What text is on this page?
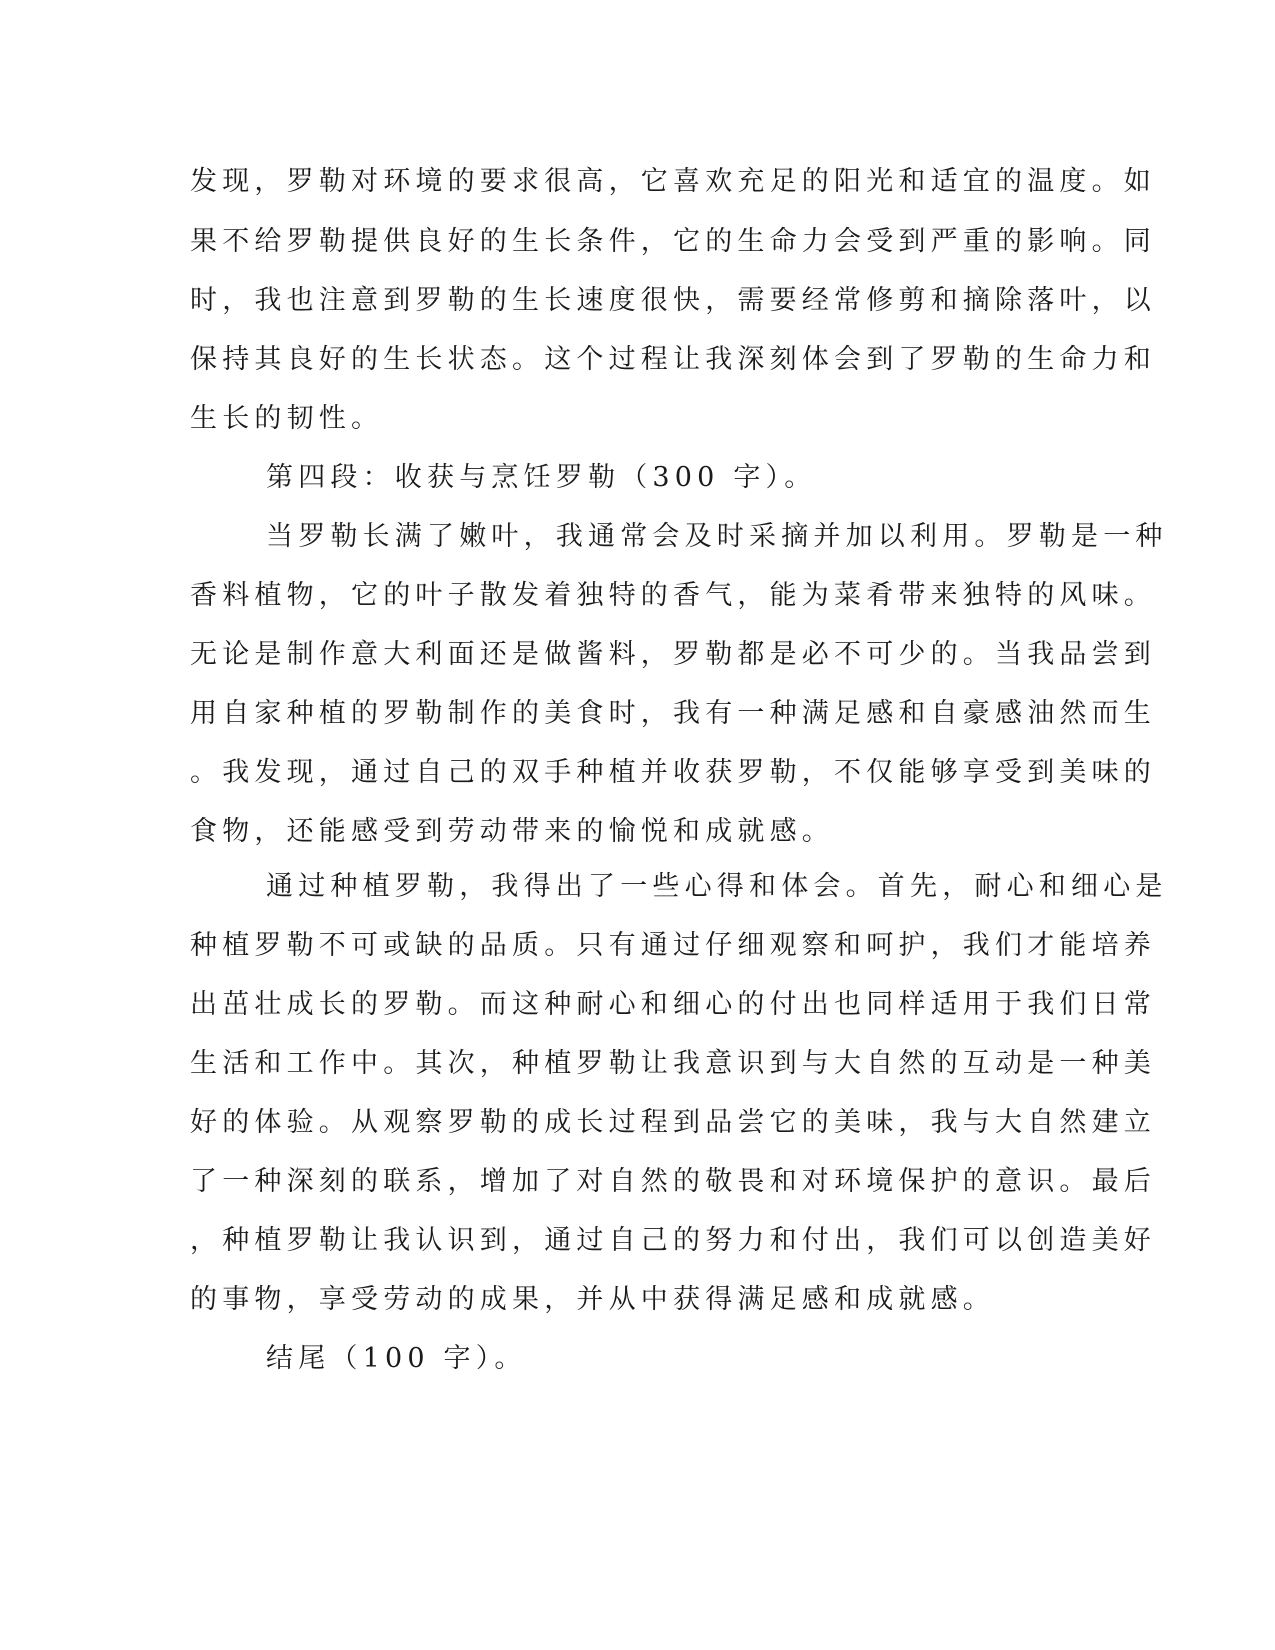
发现，罗勒对环境的要求很高，它喜欢充足的阳光和适宜的温度。如
果不给罗勒提供良好的生长条件，它的生命力会受到严重的影响。同
时，我也注意到罗勒的生长速度很快，需要经常修剪和摘除落叶，以
保持其良好的生长状态。这个过程让我深刻体会到了罗勒的生命力和
生长的韧性。
第四段：收获与烹饪罗勒（300 字）。
当罗勒长满了嫩叶，我通常会及时采摘并加以利用。罗勒是一种
香料植物，它的叶子散发着独特的香气，能为菜肴带来独特的风味。
无论是制作意大利面还是做酱料，罗勒都是必不可少的。当我品尝到
用自家种植的罗勒制作的美食时，我有一种满足感和自豪感油然而生
。我发现，通过自己的双手种植并收获罗勒，不仅能够享受到美味的
食物，还能感受到劳动带来的愉悦和成就感。
通过种植罗勒，我得出了一些心得和体会。首先，耐心和细心是
种植罗勒不可或缺的品质。只有通过仔细观察和呵护，我们才能培养
出茁壮成长的罗勒。而这种耐心和细心的付出也同样适用于我们日常
生活和工作中。其次，种植罗勒让我意识到与大自然的互动是一种美
好的体验。从观察罗勒的成长过程到品尝它的美味，我与大自然建立
了一种深刻的联系，增加了对自然的敬畏和对环境保护的意识。最后
，种植罗勒让我认识到，通过自己的努力和付出，我们可以创造美好
的事物，享受劳动的成果，并从中获得满足感和成就感。
结尾（100 字）。
